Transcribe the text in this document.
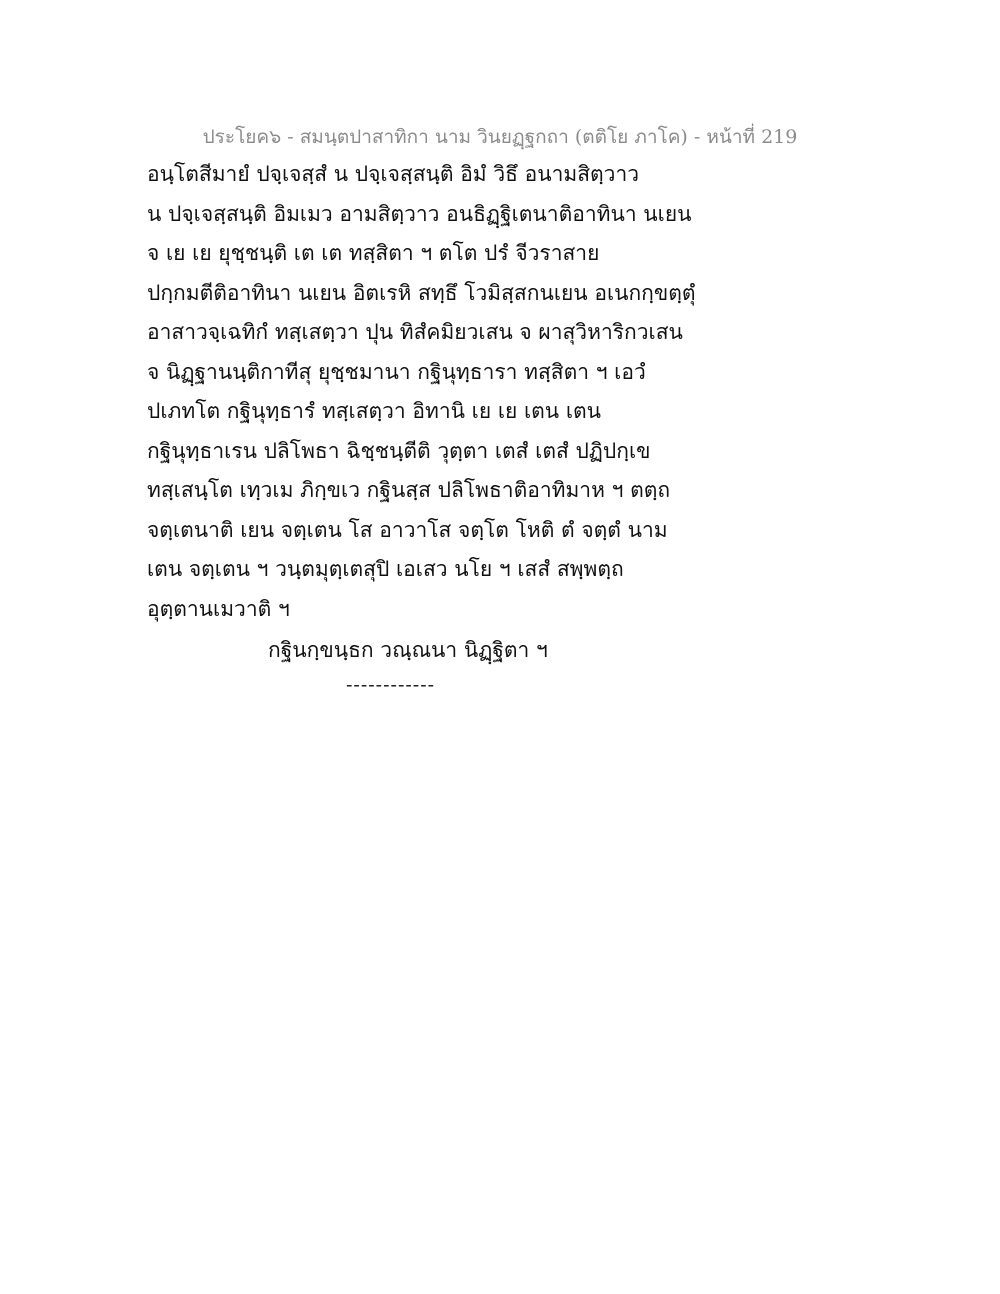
ประโยค๖ - สมนฺตปาสาทิกา นาม วินยฏฺฐกถา (ตติโย ภาโค) - หน้าที่ 219
อนฺโตสีมายํ ปจฺเจสฺสํ น ปจฺเจสฺสนฺติ อิมํ วิธึ อนามสิตฺวาว
น ปจฺเจสฺสนฺติ อิมเมว อามสิตฺวาว อนธิฏฺฐิเตนาติอาทินา นเยน
จ เย เย ยุชฺชนฺติ เต เต ทสฺสิตา ฯ ตโต ปรํ จีวราสาย
ปกฺกมตีติอาทินา นเยน อิตเรหิ สทฺธึ โวมิสฺสกนเยน อเนกกฺขตฺตุํ
อาสาวจฺเฉทิกํ ทสฺเสตฺวา ปุน ทิสํคมิยวเสน จ ผาสุวิหาริกวเสน
จ นิฏฺฐานนฺติกาทีสุ ยุชฺชมานา กฐินุทฺธารา ทสฺสิตา ฯ เอวํ
ปเภทโต กฐินุทฺธารํ ทสฺเสตฺวา อิทานิ เย เย เตน เตน
กฐินุทฺธาเรน ปลิโพธา ฉิชฺชนฺตีติ วุตฺตา เตสํ เตสํ ปฏิปกฺเข
ทสฺเสนฺโต เทฺวเม ภิกฺขเว กฐินสฺส ปลิโพธาติอาทิมาห ฯ ตตฺถ
จตฺเตนาติ เยน จตฺเตน โส อาวาโส จตฺโต โหติ ตํ จตฺตํ นาม
เตน จตฺเตน ฯ วนฺตมุตฺเตสุปิ เอเสว นโย ฯ เสสํ สพฺพตฺถ
อุตฺตานเมวาติ ฯ
กฐินกฺขนฺธก วณฺณนา นิฏฺฐิตา ฯ
------------
